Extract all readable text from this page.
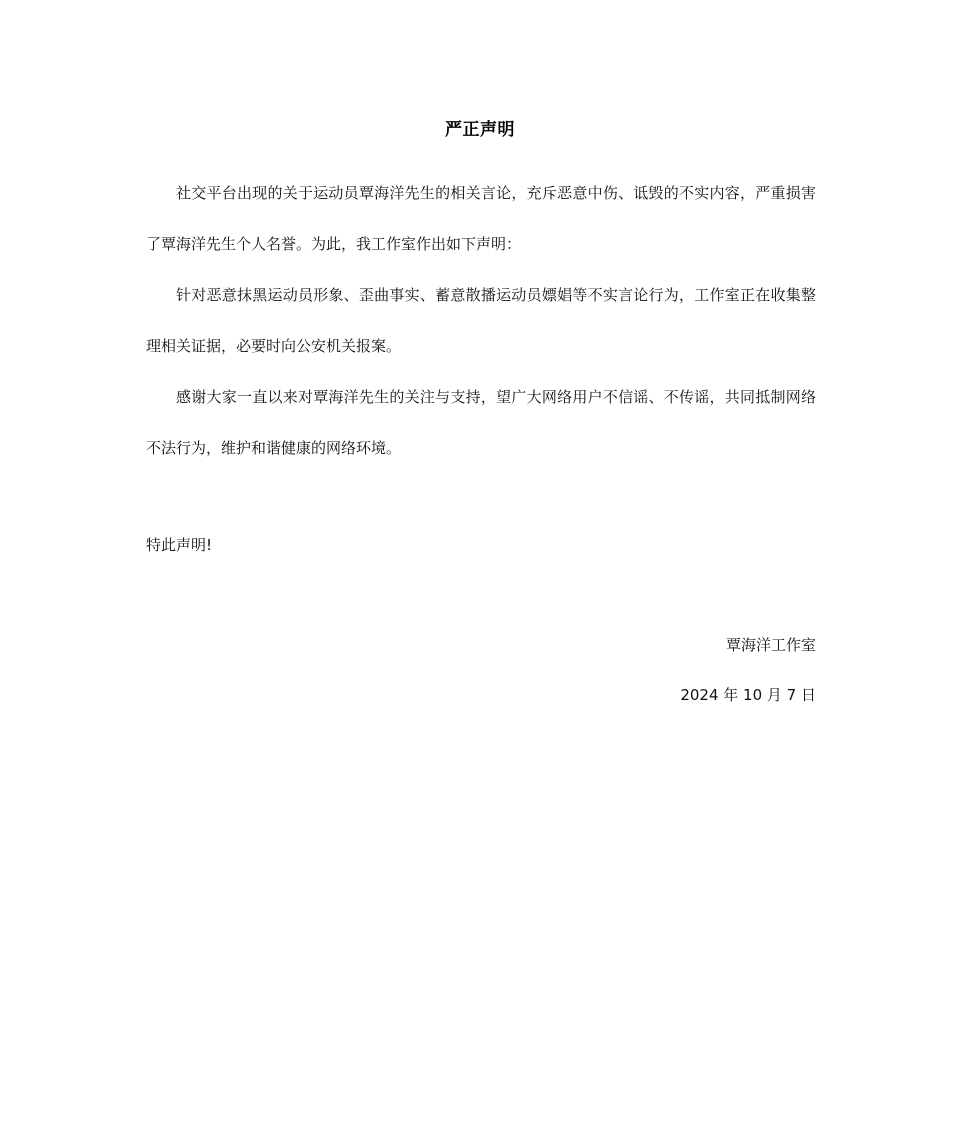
严正声明

社交平台出现的关于运动员覃海洋先生的相关言论，充斥恶意中伤、诋毁的不实内容，严重损害了覃海洋先生个人名誉。为此，我工作室作出如下声明：

针对恶意抹黑运动员形象、歪曲事实、蓄意散播运动员嫖娼等不实言论行为，工作室正在收集整理相关证据，必要时向公安机关报案。

感谢大家一直以来对覃海洋先生的关注与支持，望广大网络用户不信谣、不传谣，共同抵制网络不法行为，维护和谐健康的网络环境。

特此声明!
覃海洋工作室
2024 年 10 月 7 日
